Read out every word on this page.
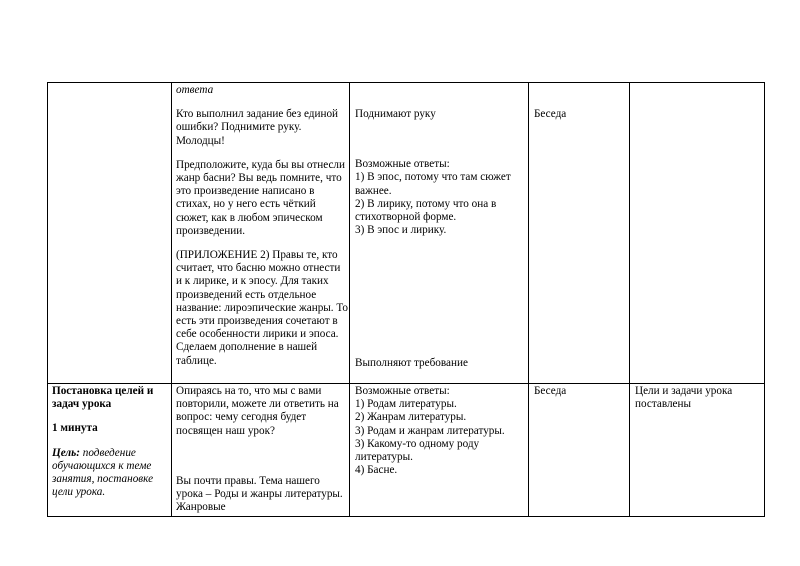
ответа

Кто выполнил задание без единой ошибки? Поднимите руку. Молодцы!

Предположите, куда бы вы отнесли жанр басни? Вы ведь помните, что это произведение написано в стихах, но у него есть чёткий сюжет, как в любом эпическом произведении.

(ПРИЛОЖЕНИЕ 2) Правы те, кто считает, что басню можно отнести и к лирике, и к эпосу. Для таких произведений есть отдельное название: лироэпические жанры. То есть эти произведения сочетают в себе особенности лирики и эпоса. Сделаем дополнение в нашей таблице.

Поднимают руку

Возможные ответы:
1) В эпос, потому что там сюжет важнее.
2) В лирику, потому что она в стихотворной форме.
3) В эпос и лирику.

Выполняют требование

Беседа

Постановка целей и задач урока

1 минута

Цель: подведение обучающихся к теме занятия, постановке цели урока.

Опираясь на то, что мы с вами повторили, можете ли ответить на вопрос: чему сегодня будет посвящен наш урок?

Вы почти правы. Тема нашего урока – Роды и жанры литературы. Жанровые

Возможные ответы:
1) Родам литературы.
2) Жанрам литературы.
3) Родам и жанрам литературы.
3) Какому-то одному роду литературы.
4) Басне.

Беседа	Цели и задачи урока поставлены
